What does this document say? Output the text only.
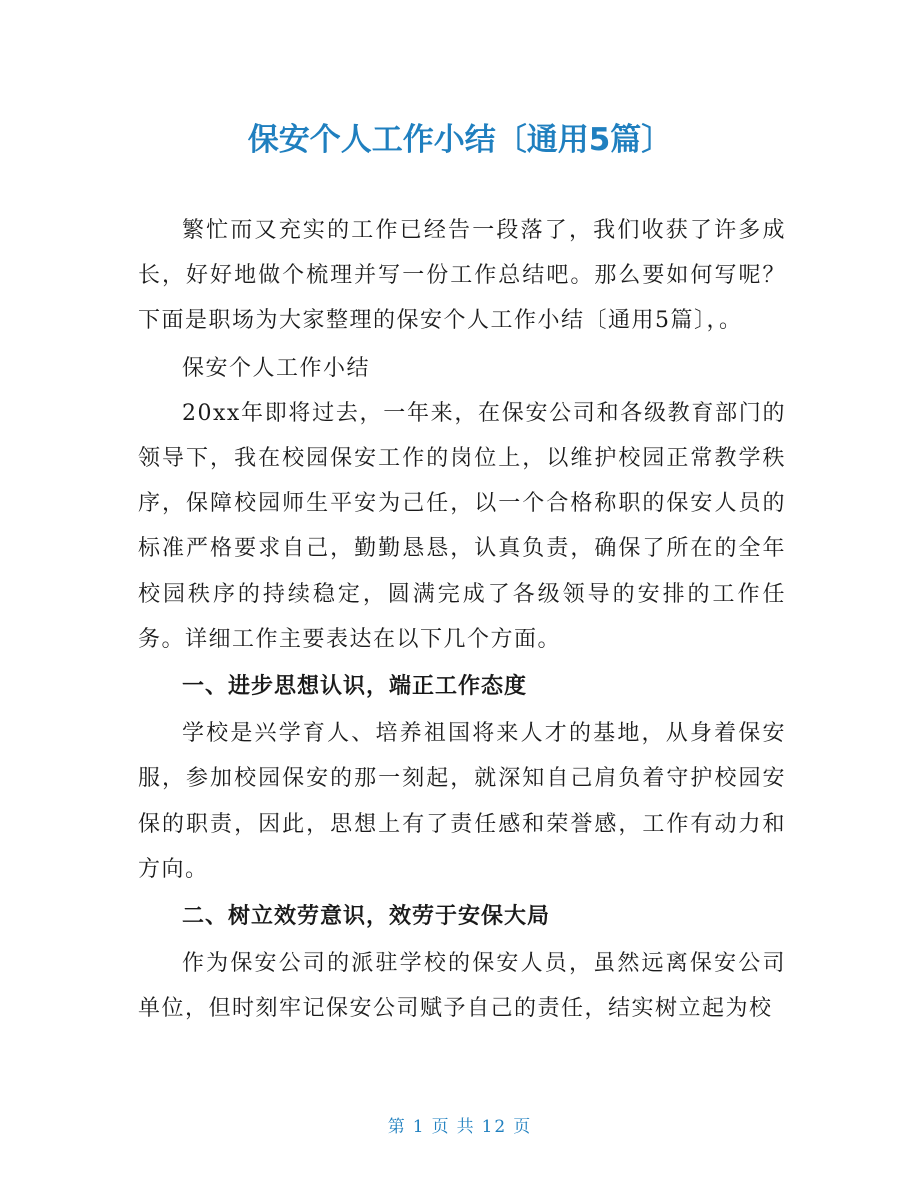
保安个人工作小结〔通用5篇〕

繁忙而又充实的工作已经告一段落了，我们收获了许多成长，好好地做个梳理并写一份工作总结吧。那么要如何写呢？下面是职场为大家整理的保安个人工作小结〔通用5篇〕，。

保安个人工作小结

20xx年即将过去，一年来，在保安公司和各级教育部门的领导下，我在校园保安工作的岗位上，以维护校园正常教学秩序，保障校园师生平安为己任，以一个合格称职的保安人员的标准严格要求自己，勤勤恳恳，认真负责，确保了所在的全年校园秩序的持续稳定，圆满完成了各级领导的安排的工作任务。详细工作主要表达在以下几个方面。

一、进步思想认识，端正工作态度

学校是兴学育人、培养祖国将来人才的基地，从身着保安服，参加校园保安的那一刻起，就深知自己肩负着守护校园安保的职责，因此，思想上有了责任感和荣誉感，工作有动力和方向。

二、树立效劳意识，效劳于安保大局

作为保安公司的派驻学校的保安人员，虽然远离保安公司单位，但时刻牢记保安公司赋予自己的责任，结实树立起为校

第 1 页 共 12 页
